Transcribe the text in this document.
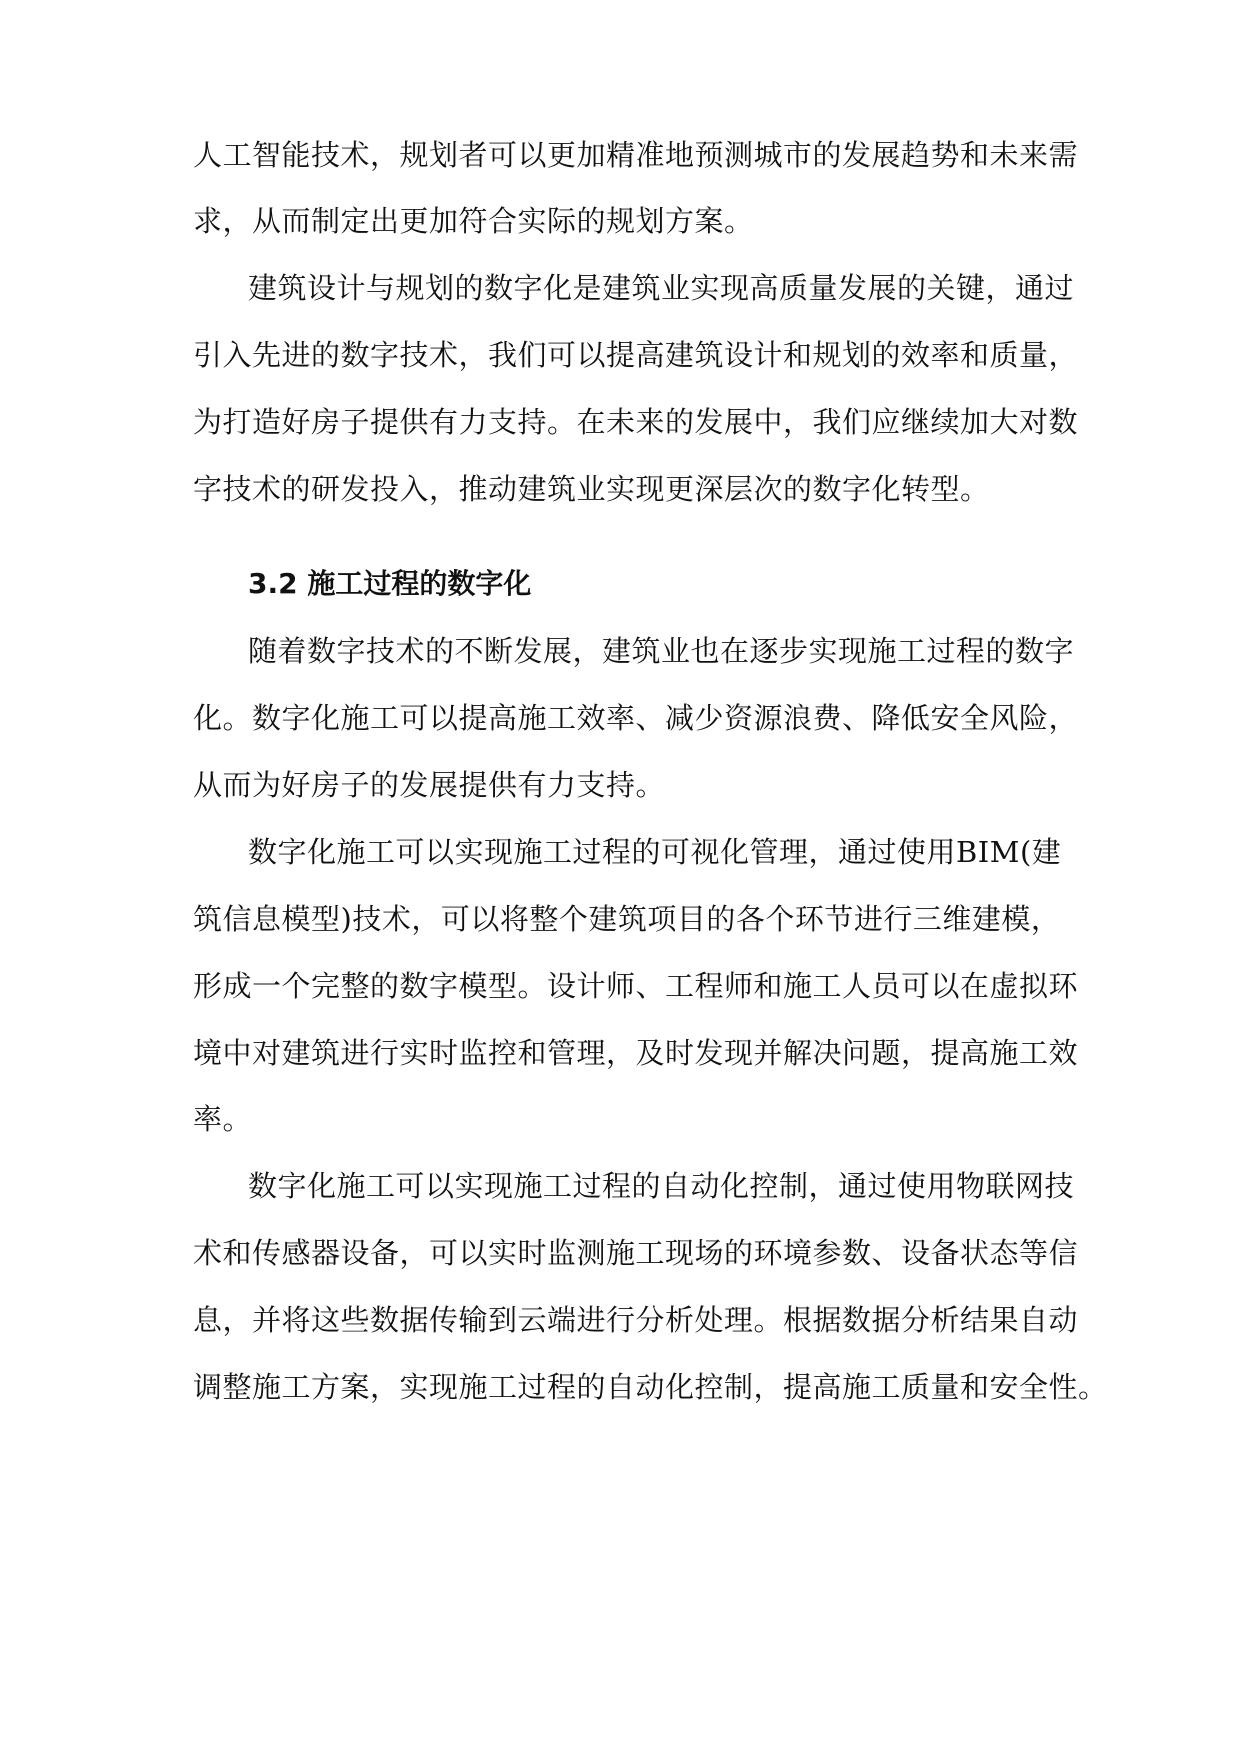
人工智能技术，规划者可以更加精准地预测城市的发展趋势和未来需
求，从而制定出更加符合实际的规划方案。
建筑设计与规划的数字化是建筑业实现高质量发展的关键，通过
引入先进的数字技术，我们可以提高建筑设计和规划的效率和质量，
为打造好房子提供有力支持。在未来的发展中，我们应继续加大对数
字技术的研发投入，推动建筑业实现更深层次的数字化转型。
3.2 施工过程的数字化
随着数字技术的不断发展，建筑业也在逐步实现施工过程的数字
化。数字化施工可以提高施工效率、减少资源浪费、降低安全风险，
从而为好房子的发展提供有力支持。
数字化施工可以实现施工过程的可视化管理，通过使用BIM(建
筑信息模型)技术，可以将整个建筑项目的各个环节进行三维建模，
形成一个完整的数字模型。设计师、工程师和施工人员可以在虚拟环
境中对建筑进行实时监控和管理，及时发现并解决问题，提高施工效
率。
数字化施工可以实现施工过程的自动化控制，通过使用物联网技
术和传感器设备，可以实时监测施工现场的环境参数、设备状态等信
息，并将这些数据传输到云端进行分析处理。根据数据分析结果自动
调整施工方案，实现施工过程的自动化控制，提高施工质量和安全性。
